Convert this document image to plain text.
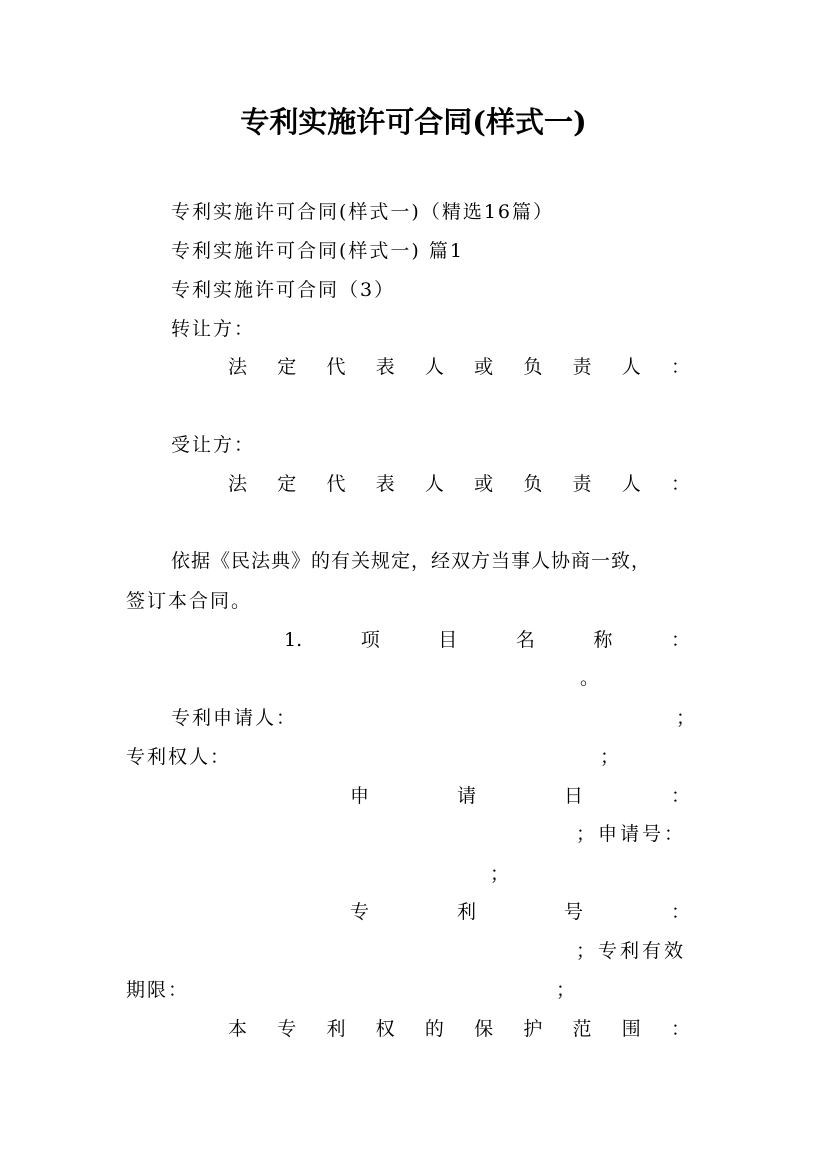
专利实施许可合同(样式一)
专利实施许可合同(样式一)（精选16篇）
专利实施许可合同(样式一) 篇1
专利实施许可合同（3）
转让方：
法 定 代 表 人 或 负 责 人 ：
受让方：
法 定 代 表 人 或 负 责 人 ：
依据《民法典》的有关规定，经双方当事人协商一致，
签订本合同。
1.	项	目	名	称	：
。
专利申请人：	；
专利权人：	；
申	请	日	：
；申请号：
；
专	利	号	：
；专利有效
期限：	；
本 专 利 权 的 保 护 范 围 ：
